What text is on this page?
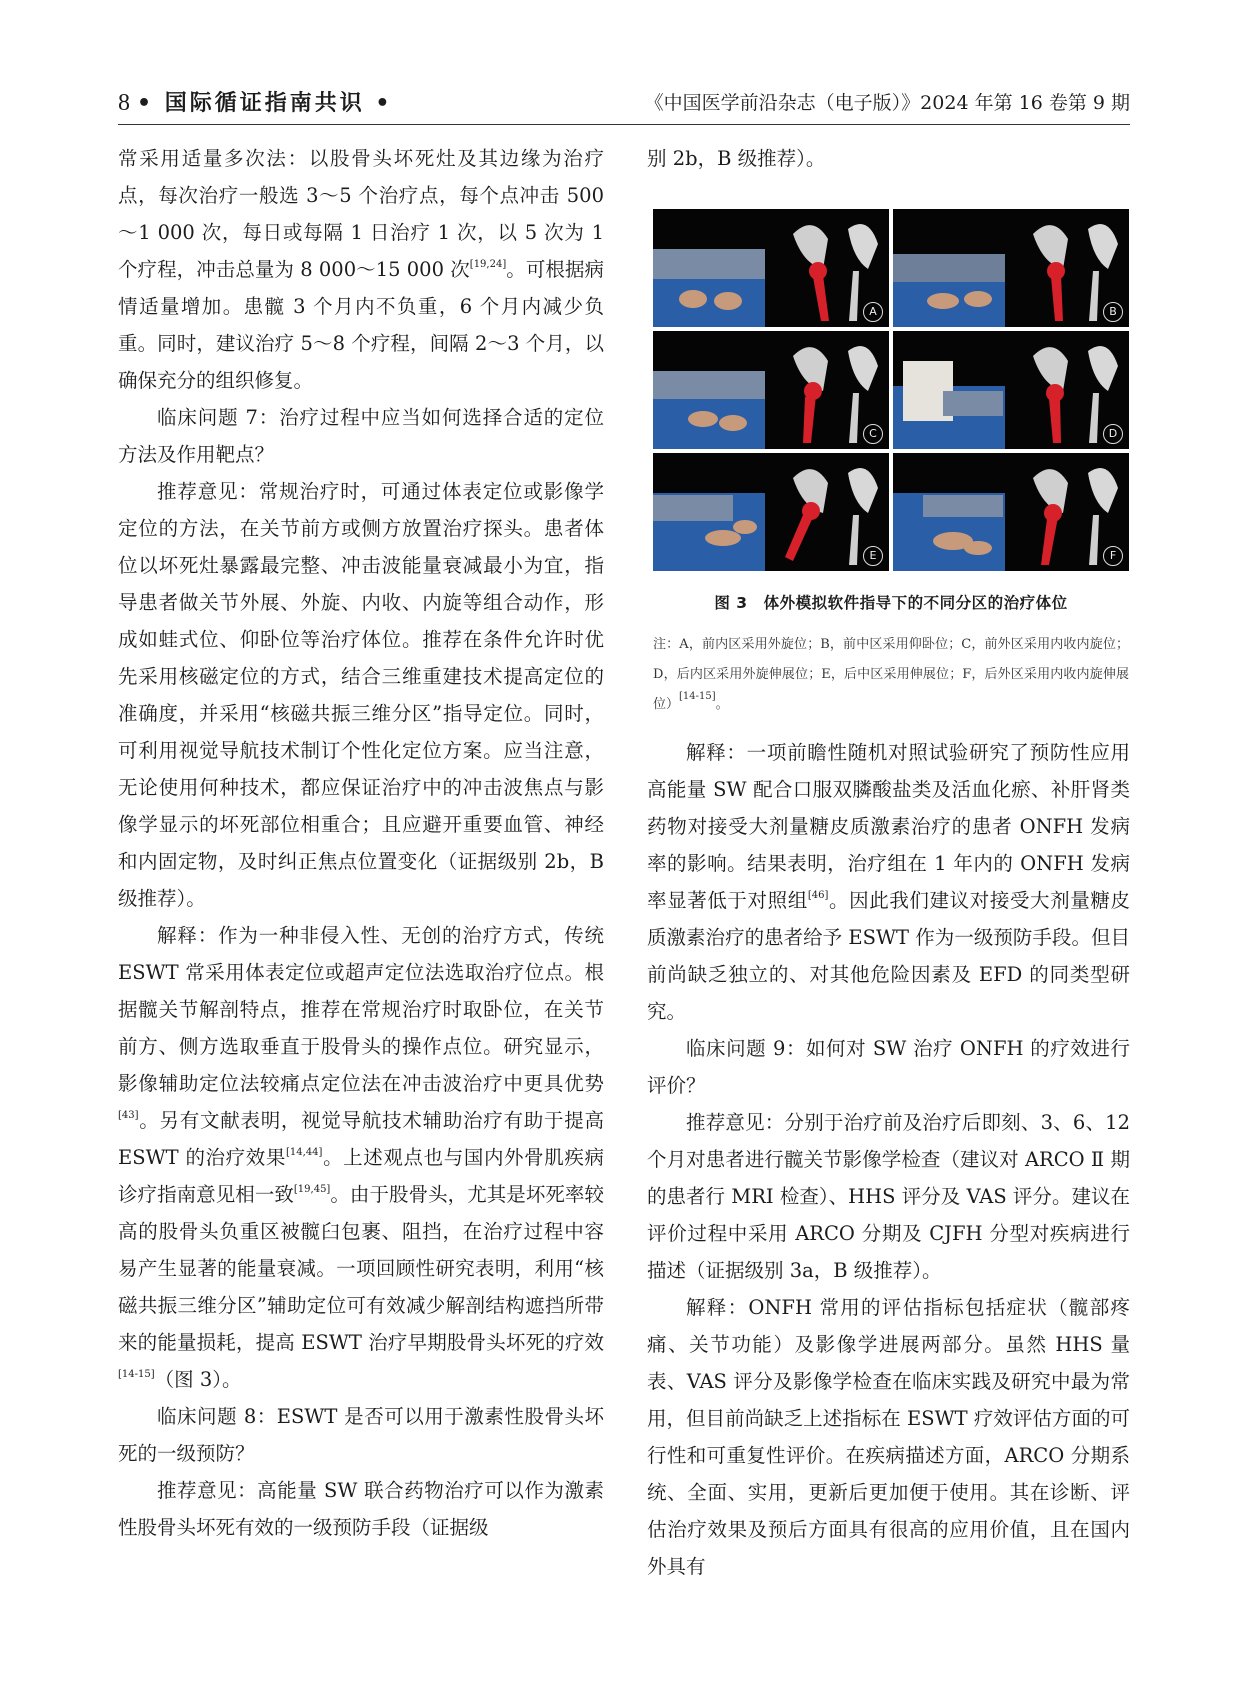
8 • 国际循证指南共识 •	《中国医学前沿杂志（电子版）》2024 年第 16 卷第 9 期

常采用适量多次法：以股骨头坏死灶及其边缘为治疗点，每次治疗一般选 3～5 个治疗点，每个点冲击 500～1 000 次，每日或每隔 1 日治疗 1 次，以 5 次为 1 个疗程，冲击总量为 8 000～15 000 次[19,24]。可根据病情适量增加。患髋 3 个月内不负重，6 个月内减少负重。同时，建议治疗 5～8 个疗程，间隔 2～3 个月，以确保充分的组织修复。

临床问题 7：治疗过程中应当如何选择合适的定位方法及作用靶点？

推荐意见：常规治疗时，可通过体表定位或影像学定位的方法，在关节前方或侧方放置治疗探头。患者体位以坏死灶暴露最完整、冲击波能量衰减最小为宜，指导患者做关节外展、外旋、内收、内旋等组合动作，形成如蛙式位、仰卧位等治疗体位。推荐在条件允许时优先采用核磁定位的方式，结合三维重建技术提高定位的准确度，并采用“核磁共振三维分区”指导定位。同时，可利用视觉导航技术制订个性化定位方案。应当注意，无论使用何种技术，都应保证治疗中的冲击波焦点与影像学显示的坏死部位相重合；且应避开重要血管、神经和内固定物，及时纠正焦点位置变化（证据级别 2b，B 级推荐）。

解释：作为一种非侵入性、无创的治疗方式，传统 ESWT 常采用体表定位或超声定位法选取治疗位点。根据髋关节解剖特点，推荐在常规治疗时取卧位，在关节前方、侧方选取垂直于股骨头的操作点位。研究显示，影像辅助定位法较痛点定位法在冲击波治疗中更具优势[43]。另有文献表明，视觉导航技术辅助治疗有助于提高 ESWT 的治疗效果[14,44]。上述观点也与国内外骨肌疾病诊疗指南意见相一致[19,45]。由于股骨头，尤其是坏死率较高的股骨头负重区被髋臼包裹、阻挡，在治疗过程中容易产生显著的能量衰减。一项回顾性研究表明，利用“核磁共振三维分区”辅助定位可有效减少解剖结构遮挡所带来的能量损耗，提高 ESWT 治疗早期股骨头坏死的疗效[14-15]（图 3）。

临床问题 8：ESWT 是否可以用于激素性股骨头坏死的一级预防？

推荐意见：高能量 SW 联合药物治疗可以作为激素性股骨头坏死有效的一级预防手段（证据级

别 2b，B 级推荐）。

A	B
C	D
E	F
图 3　体外模拟软件指导下的不同分区的治疗体位
注：A，前内区采用外旋位；B，前中区采用仰卧位；C，前外区采用内收内旋位；D，后内区采用外旋伸展位；E，后中区采用伸展位；F，后外区采用内收内旋伸展位）[14-15]。

解释：一项前瞻性随机对照试验研究了预防性应用高能量 SW 配合口服双膦酸盐类及活血化瘀、补肝肾类药物对接受大剂量糖皮质激素治疗的患者 ONFH 发病率的影响。结果表明，治疗组在 1 年内的 ONFH 发病率显著低于对照组[46]。因此我们建议对接受大剂量糖皮质激素治疗的患者给予 ESWT 作为一级预防手段。但目前尚缺乏独立的、对其他危险因素及 EFD 的同类型研究。

临床问题 9：如何对 SW 治疗 ONFH 的疗效进行评价？

推荐意见：分别于治疗前及治疗后即刻、3、6、12 个月对患者进行髋关节影像学检查（建议对 ARCO Ⅱ 期的患者行 MRI 检查）、HHS 评分及 VAS 评分。建议在评价过程中采用 ARCO 分期及 CJFH 分型对疾病进行描述（证据级别 3a，B 级推荐）。

解释：ONFH 常用的评估指标包括症状（髋部疼痛、关节功能）及影像学进展两部分。虽然 HHS 量表、VAS 评分及影像学检查在临床实践及研究中最为常用，但目前尚缺乏上述指标在 ESWT 疗效评估方面的可行性和可重复性评价。在疾病描述方面，ARCO 分期系统、全面、实用，更新后更加便于使用。其在诊断、评估治疗效果及预后方面具有很高的应用价值，且在国内外具有
